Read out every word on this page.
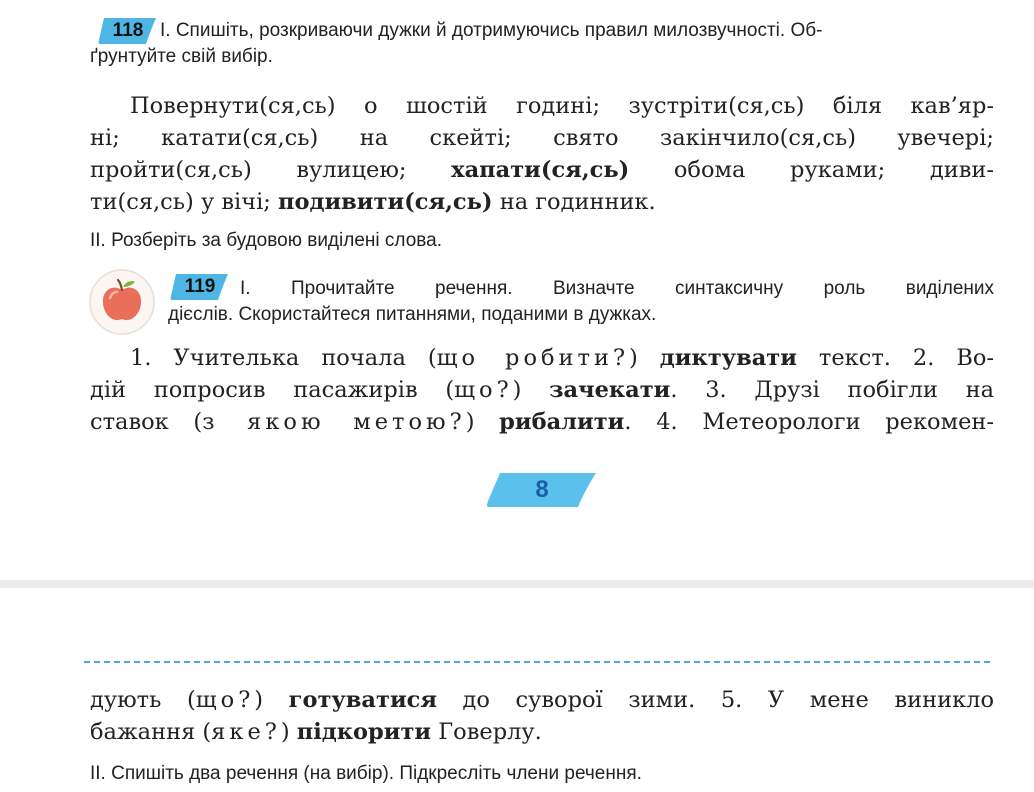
118 І. Спишіть, розкриваючи дужки й дотримуючись правил милозвучності. Об-
ґрунтуйте свій вибір.
Повернути(ся,сь) о шостій годині; зустріти(ся,сь) біля кав’яр-
ні; катати(ся,сь) на скейті; свято закінчило(ся,сь) увечері;
пройти(ся,сь) вулицею; хапати(ся,сь) обома руками; диви-
ти(ся,сь) у вічі; подивити(ся,сь) на годинник.
ІІ. Розберіть за будовою виділені слова.
119	І. Прочитайте речення. Визначте синтаксичну роль виділених
дієслів. Скористайтеся питаннями, поданими в дужках.
1. Учителька почала (що робити?) диктувати текст. 2. Во-
дій попросив пасажирів (що?) зачекати. 3. Друзі побігли на
ставок (з якою метою?) рибалити. 4. Метеорологи рекомен-
8
дують (що?) готуватися до суворої зими. 5. У мене виникло
бажання (яке?) підкорити Говерлу.
ІІ. Спишіть два речення (на вибір). Підкресліть члени речення.
